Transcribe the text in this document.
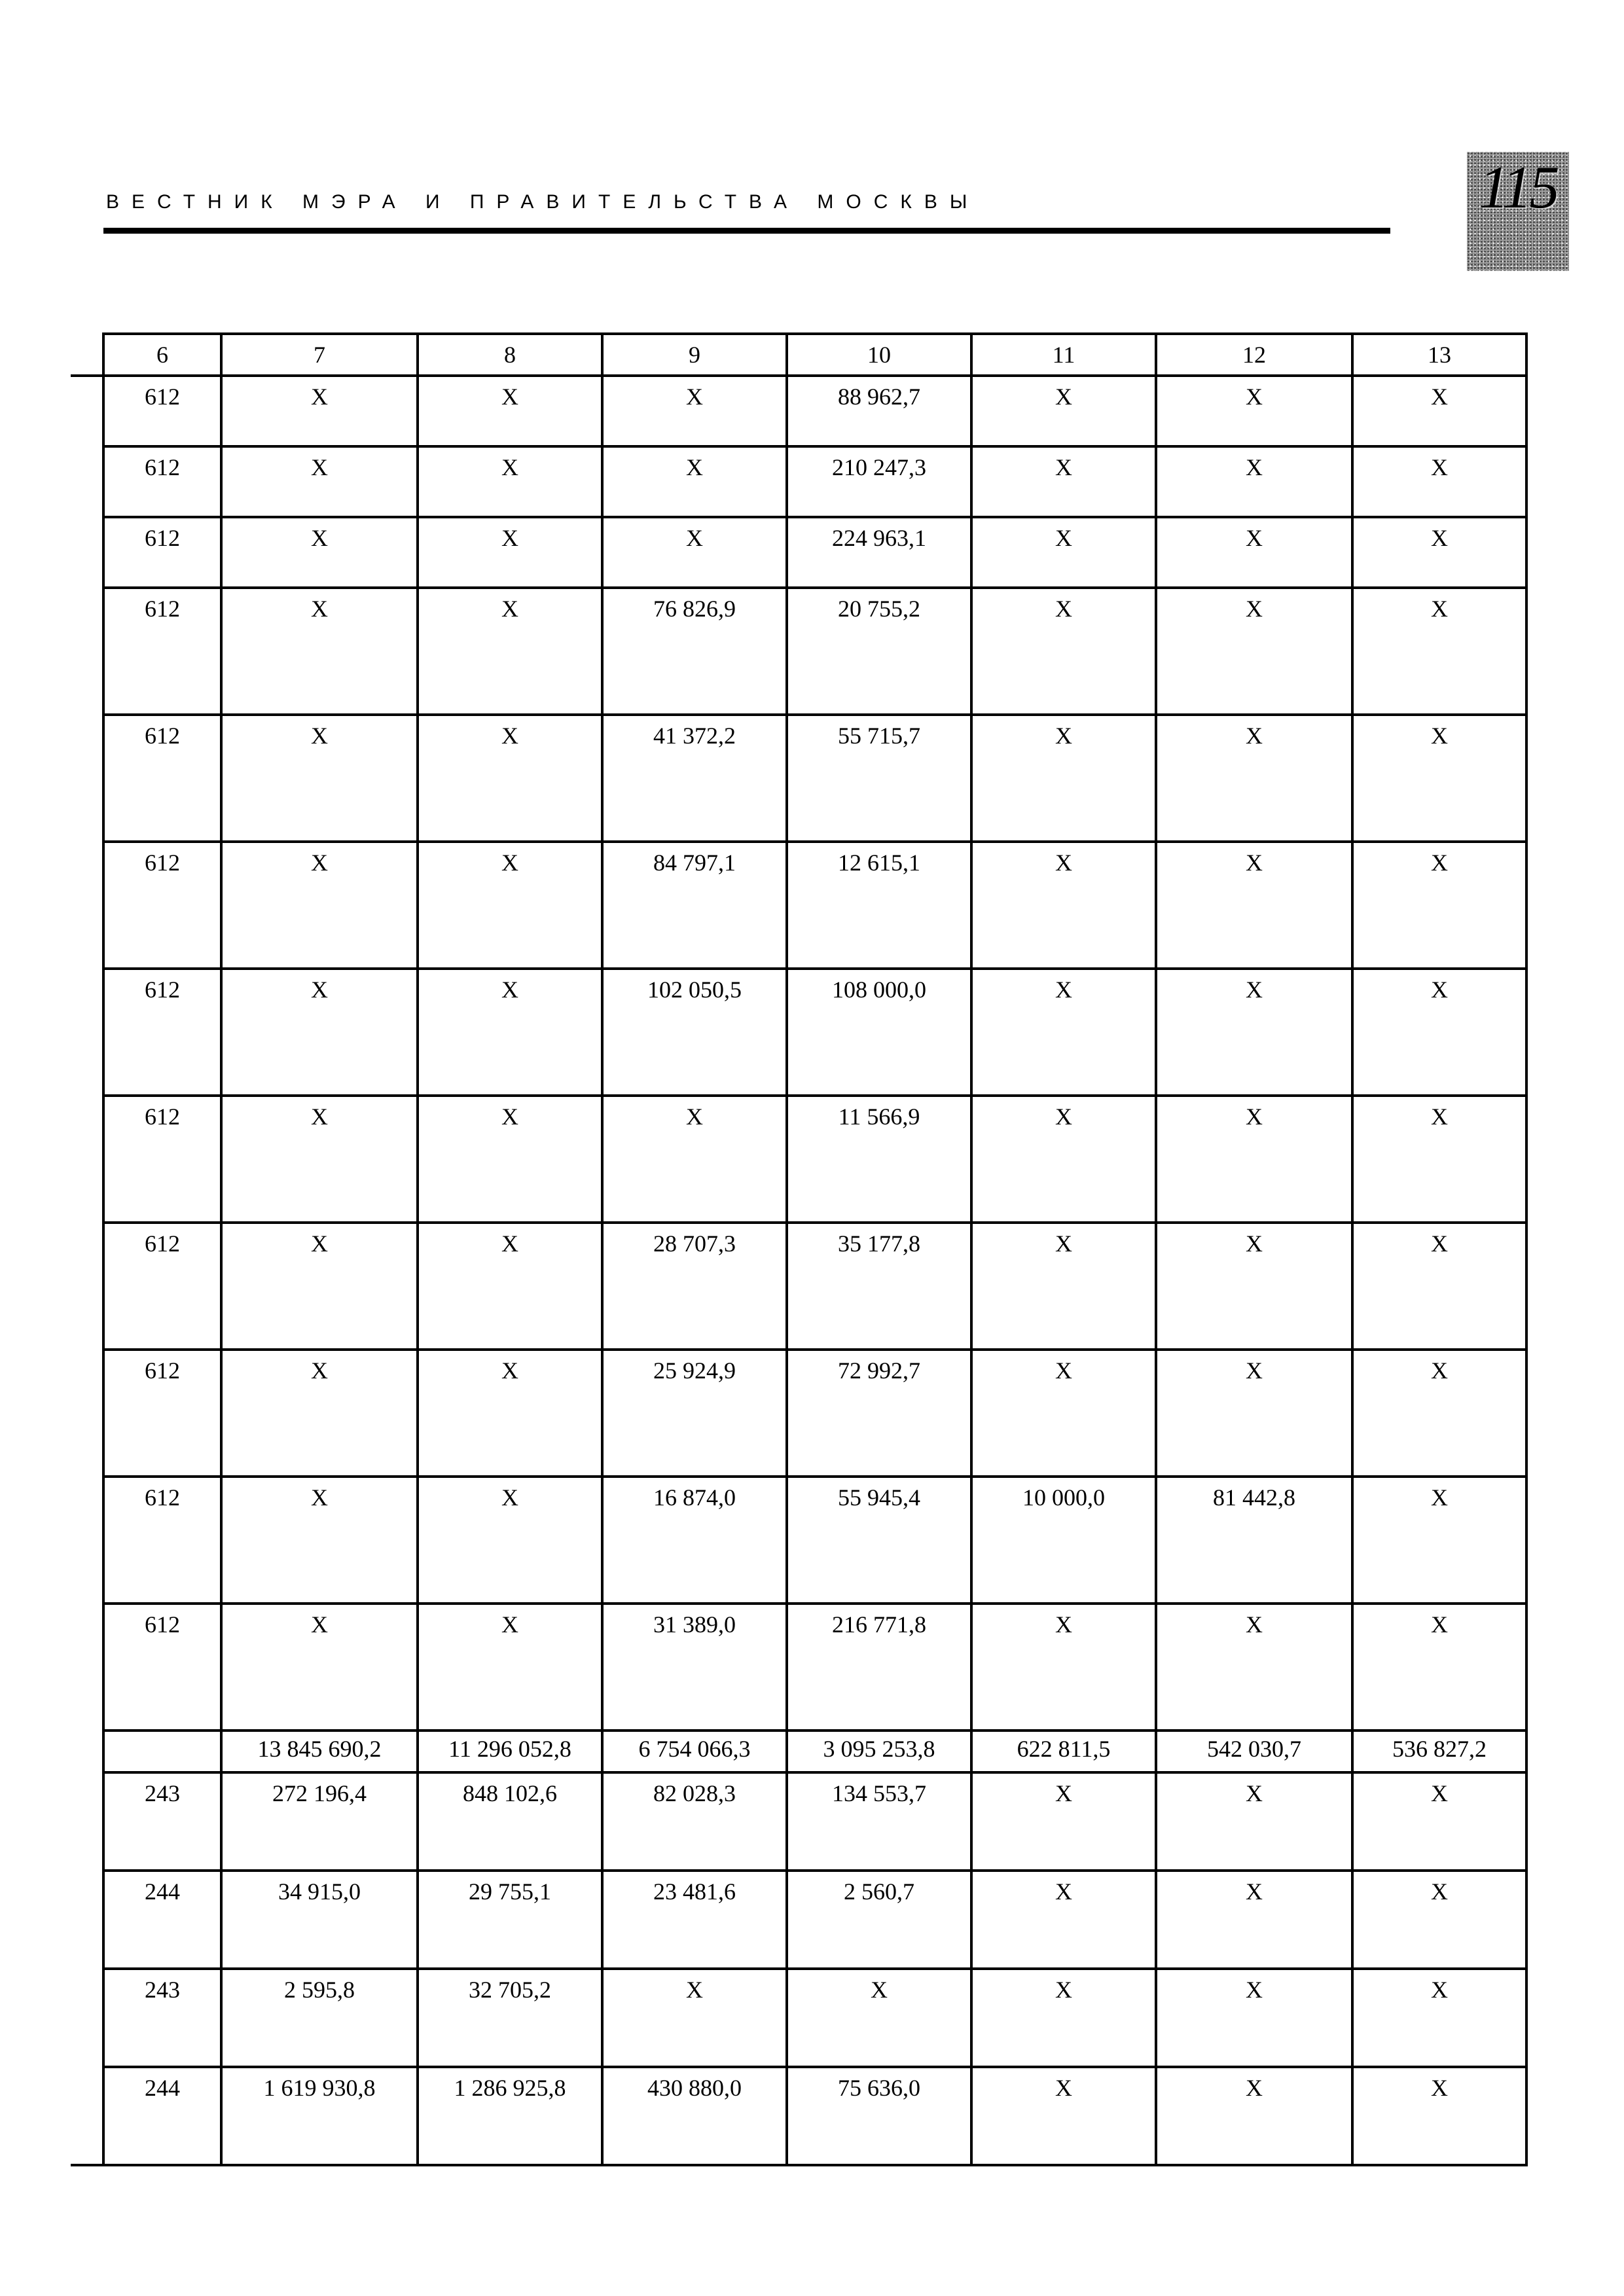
ВЕСТНИК МЭРА И ПРАВИТЕЛЬСТВА МОСКВЫ	115

	6	7	8	9	10	11	12	13

	612	X	X	X	88 962,7	X	X	X

	612	X	X	X	210 247,3	X	X	X

	612	X	X	X	224 963,1	X	X	X

	612	X	X	76 826,9	20 755,2	X	X	X

	612	X	X	41 372,2	55 715,7	X	X	X

	612	X	X	84 797,1	12 615,1	X	X	X

	612	X	X	102 050,5	108 000,0	X	X	X

	612	X	X	X	11 566,9	X	X	X

	612	X	X	28 707,3	35 177,8	X	X	X

	612	X	X	25 924,9	72 992,7	X	X	X

	612	X	X	16 874,0	55 945,4	10 000,0	81 442,8	X

	612	X	X	31 389,0	216 771,8	X	X	X

		13 845 690,2	11 296 052,8	6 754 066,3	3 095 253,8	622 811,5	542 030,7	536 827,2

	243	272 196,4	848 102,6	82 028,3	134 553,7	X	X	X

	244	34 915,0	29 755,1	23 481,6	2 560,7	X	X	X

	243	2 595,8	32 705,2	X	X	X	X	X

	244	1 619 930,8	1 286 925,8	430 880,0	75 636,0	X	X	X
